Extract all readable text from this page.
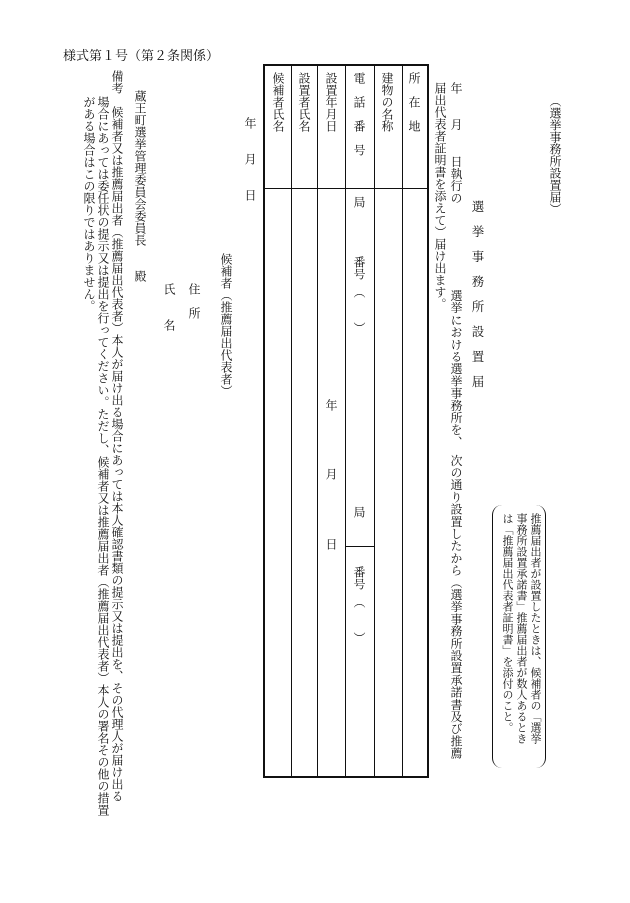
様式第１号（第２条関係）
（選挙事務所設置届）
選　挙　事　務　所　設　置　届
年　　月　　日執行の　　　　　　　選挙における選挙事務所を、　次の通り設置したから（選挙事務所設置承諾書及び推薦
届出代表者証明書を添えて）届け出ます。
推薦届出者が設置したときは、候補者の「選挙
事務所設置承諾書」推薦届出者が数人あるとき
は「推薦届出代表者証明書」を添付のこと。
所　在　地
建物の名称
電　話　番　号
設置年月日
設置者氏名
候補者氏名
局　　　　番号　（　　）
局　　　　番号　（　　）
年
月
日
年　　月　　日
候補者（推薦届出代表者）
住　所
氏　　名
蔵王町選挙管理委員会委員長　　殿
備考　候補者又は推薦届出者（推薦届出代表者）本人が届け出る場合にあっては本人確認書類の提示又は提出を、その代理人が届け出る
場合にあっては委任状の提示又は提出を行ってください。ただし、候補者又は推薦届出者（推薦届出代表者）本人の署名その他の措置
がある場合はこの限りではありません。
